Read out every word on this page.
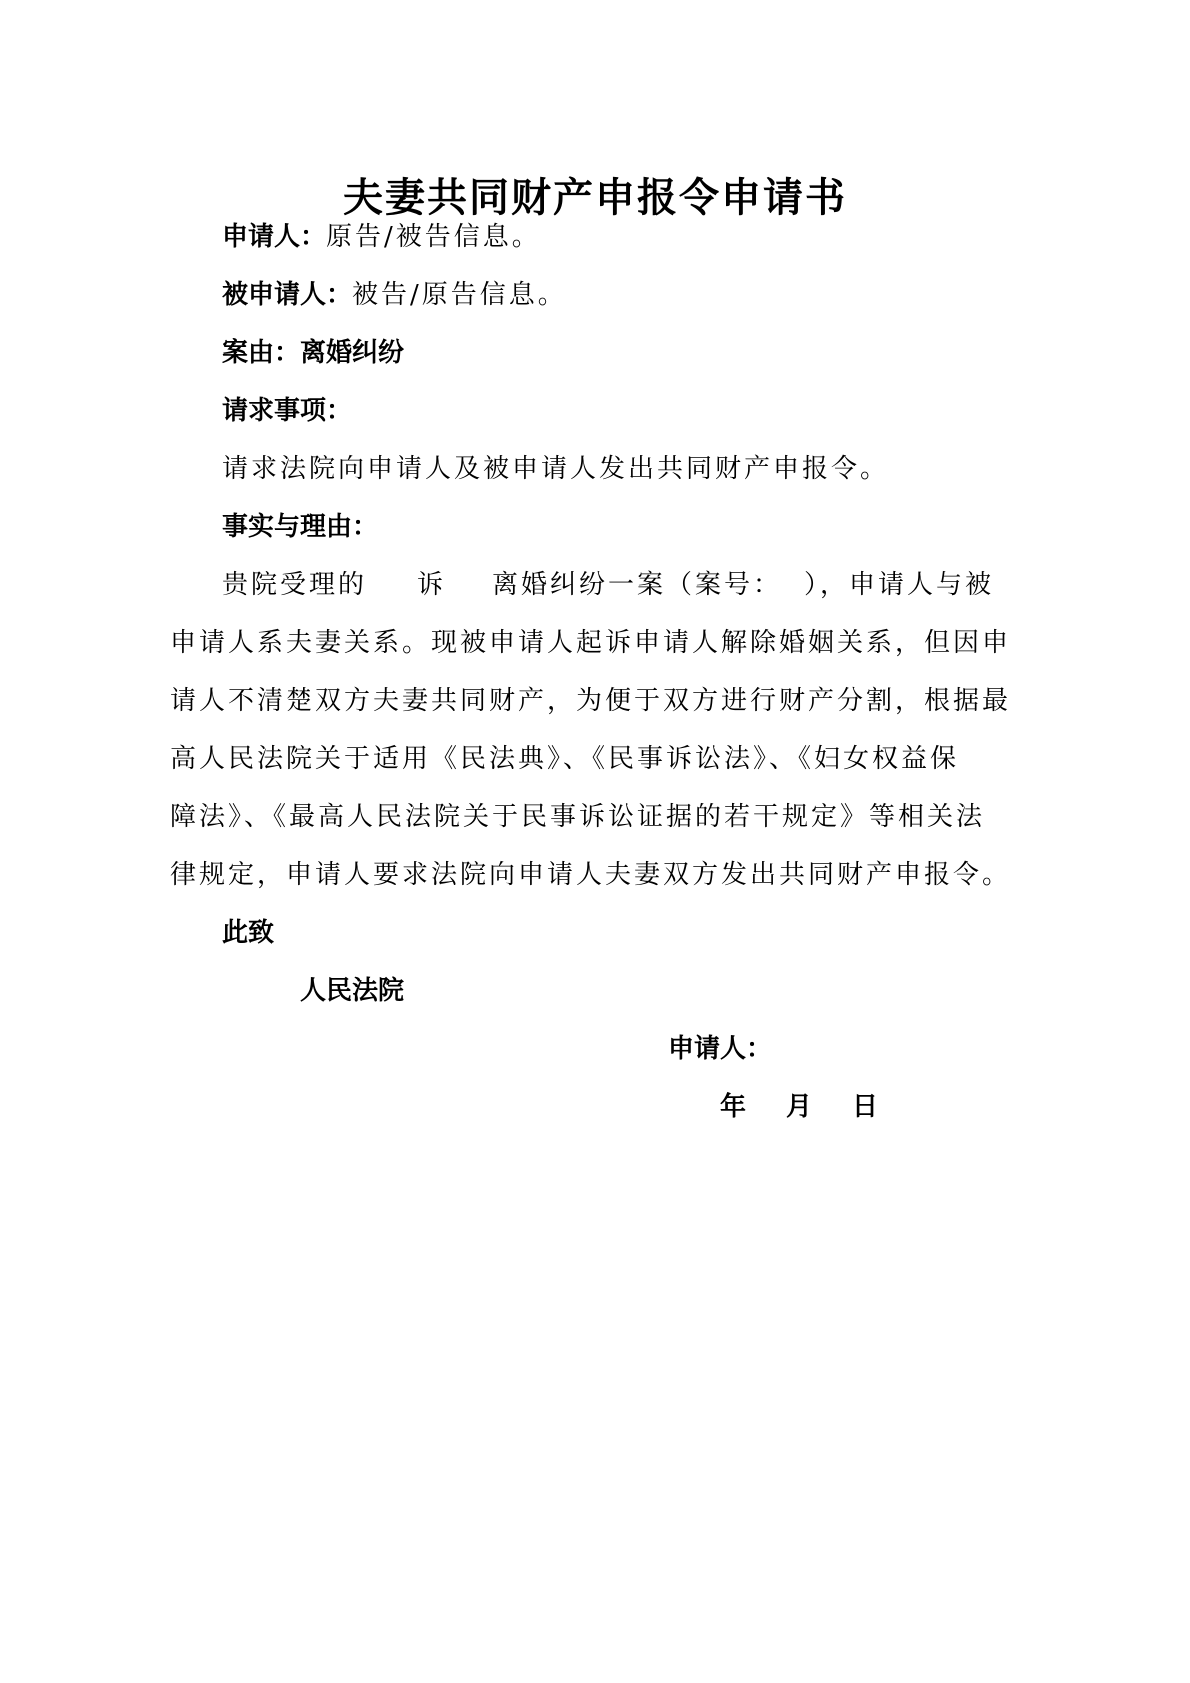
夫妻共同财产申报令申请书
申请人：原告/被告信息。
被申请人：被告/原告信息。
案由：离婚纠纷
请求事项：
请求法院向申请人及被申请人发出共同财产申报令。
事实与理由：
贵院受理的 诉 离婚纠纷一案（案号： ），申请人与被
申请人系夫妻关系。现被申请人起诉申请人解除婚姻关系，但因申
请人不清楚双方夫妻共同财产，为便于双方进行财产分割，根据最
高人民法院关于适用《民法典》、《民事诉讼法》、《妇女权益保
障法》、《最高人民法院关于民事诉讼证据的若干规定》等相关法
律规定，申请人要求法院向申请人夫妻双方发出共同财产申报令。
此致
人民法院
申请人：
年 月 日
